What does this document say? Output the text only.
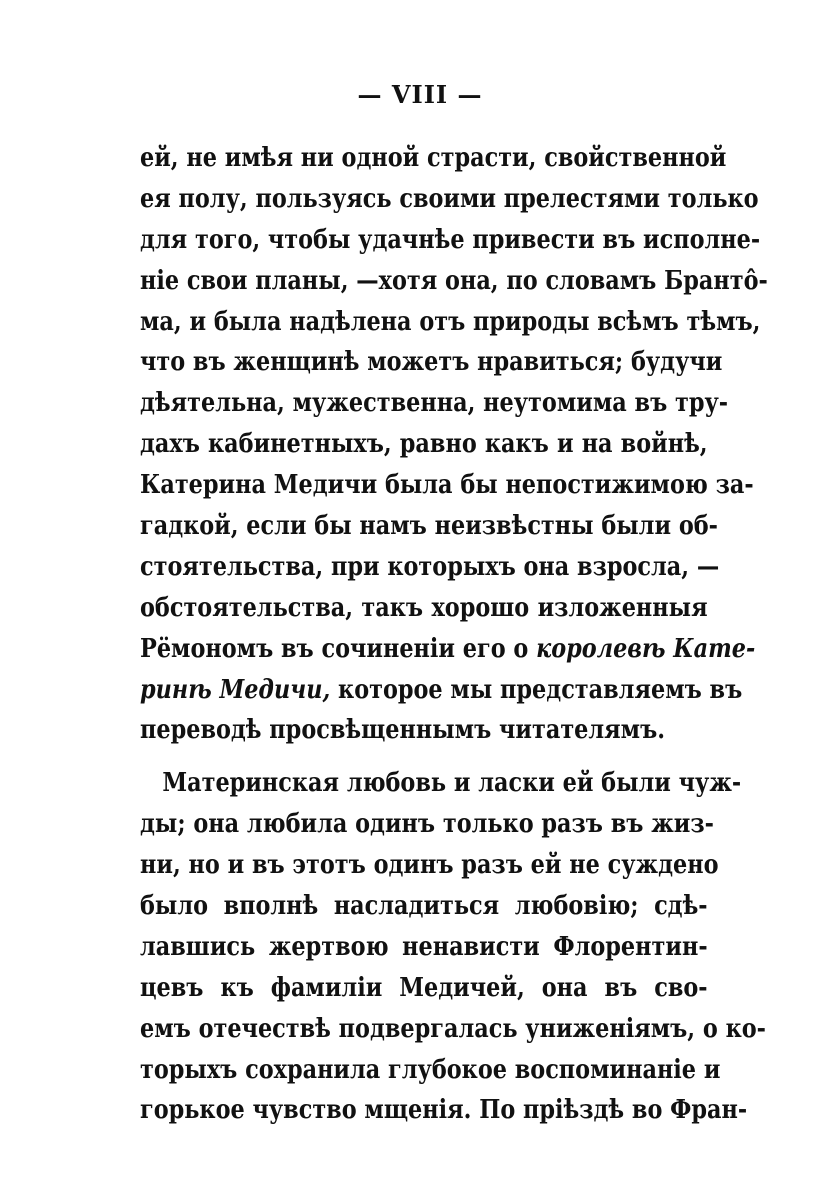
— VIII —
ей, не имѣя ни одной страсти, свойственной
ея полу, пользуясь своими прелестями только
для того, чтобы удачнѣе привести въ исполне-
нiе свои планы, —хотя она, по словамъ Брантô-
ма, и была надѣлена отъ природы всѣмъ тѣмъ,
что въ женщинѣ можетъ нравиться; будучи
дѣятельна, мужественна, неутомима въ тру-
дахъ кабинетныхъ, равно какъ и на войнѣ,
Катерина Медичи была бы непостижимою за-
гадкой, если бы намъ неизвѣстны были об-
стоятельства, при которыхъ она взросла, —
обстоятельства, такъ хорошо изложенныя
Рёмономъ въ сочиненiи его о королевѣ Кате-
ринѣ Медичи, которое мы представляемъ въ
переводѣ просвѣщеннымъ читателямъ.
Материнская любовь и ласки ей были чуж-
ды; она любила одинъ только разъ въ жиз-
ни, но и въ этотъ одинъ разъ ей не суждено
было вполнѣ насладиться любовiю; сдѣ-
лавшись жертвою ненависти Флорентин-
цевъ къ фамилiи Медичей, она въ сво-
емъ отечествѣ подвергалась униженiямъ, о ко-
торыхъ сохранила глубокое воспоминанiе и
горькое чувство мщенiя. По прiѣздѣ во Фран-
